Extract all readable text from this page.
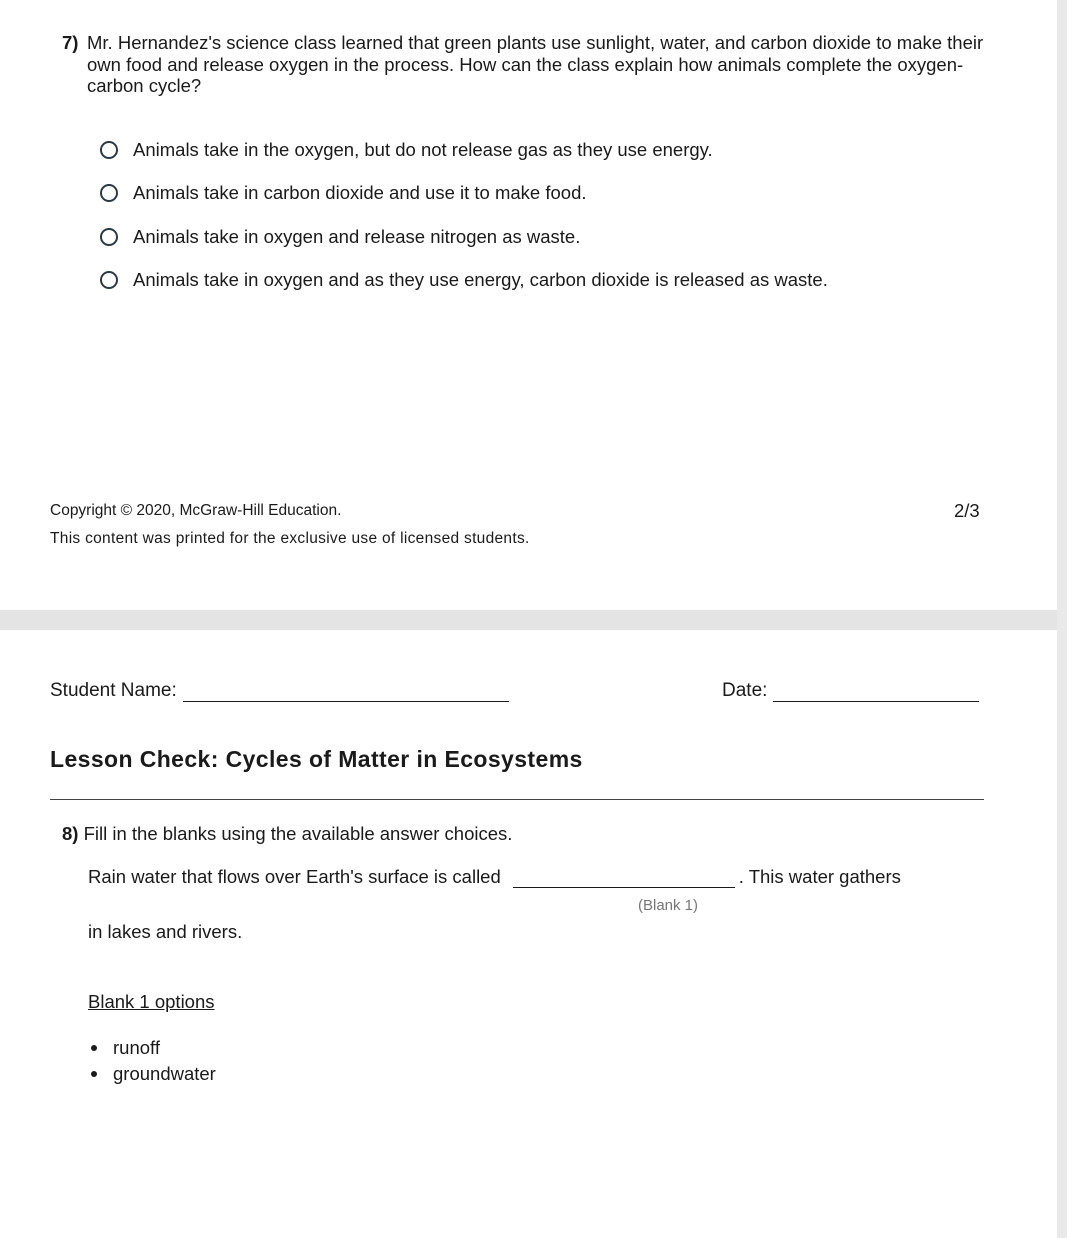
7) Mr. Hernandez's science class learned that green plants use sunlight, water, and carbon dioxide to make their own food and release oxygen in the process. How can the class explain how animals complete the oxygen-carbon cycle?
Animals take in the oxygen, but do not release gas as they use energy.
Animals take in carbon dioxide and use it to make food.
Animals take in oxygen and release nitrogen as waste.
Animals take in oxygen and as they use energy, carbon dioxide is released as waste.
Copyright © 2020, McGraw-Hill Education.	2/3
This content was printed for the exclusive use of licensed students.
Student Name:	Date:
Lesson Check: Cycles of Matter in Ecosystems
8) Fill in the blanks using the available answer choices.
Rain water that flows over Earth's surface is called	. This water gathers
(Blank 1)
in lakes and rivers.
Blank 1 options
runoff
groundwater
